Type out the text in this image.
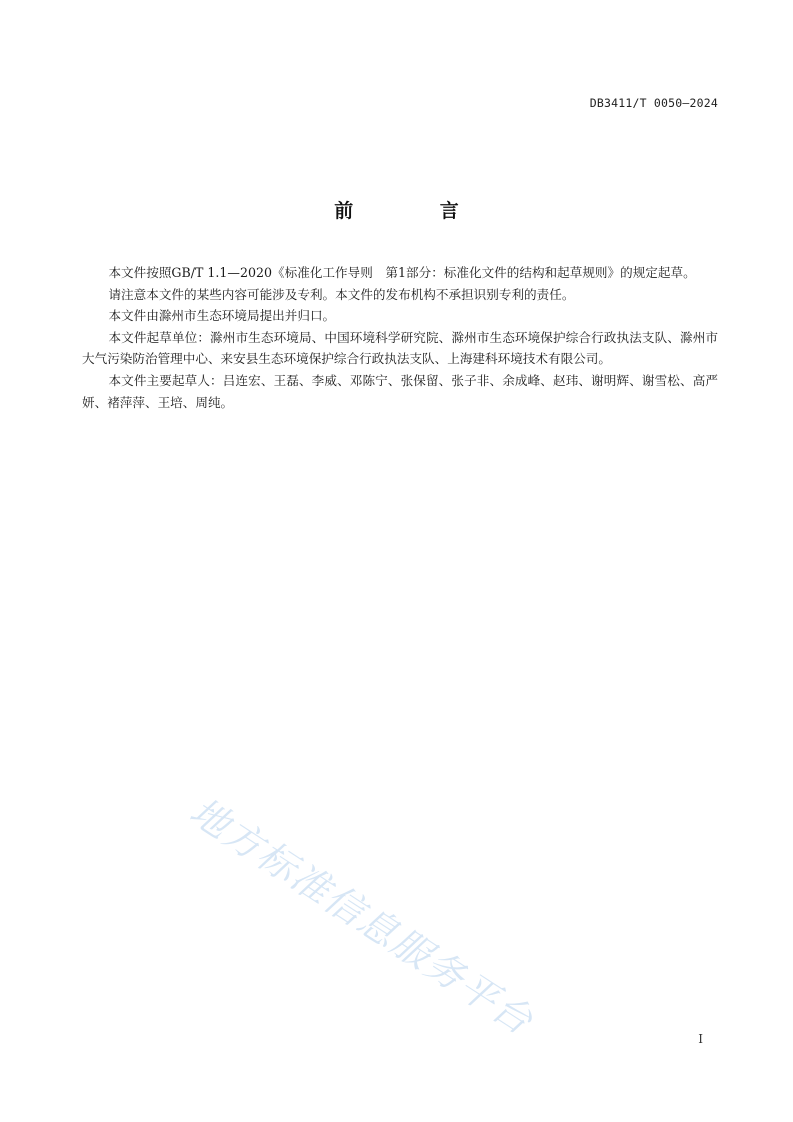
DB3411/T 0050—2024
前 言

本文件按照GB/T 1.1—2020《标准化工作导则　第1部分：标准化文件的结构和起草规则》的规定起草。

请注意本文件的某些内容可能涉及专利。本文件的发布机构不承担识别专利的责任。

本文件由滁州市生态环境局提出并归口。

本文件起草单位：滁州市生态环境局、中国环境科学研究院、滁州市生态环境保护综合行政执法支队、滁州市大气污染防治管理中心、来安县生态环境保护综合行政执法支队、上海建科环境技术有限公司。

本文件主要起草人：吕连宏、王磊、李威、邓陈宁、张保留、张子非、余成峰、赵玮、谢明辉、谢雪松、高严妍、褚萍萍、王培、周纯。

地方标准信息服务平台	I
